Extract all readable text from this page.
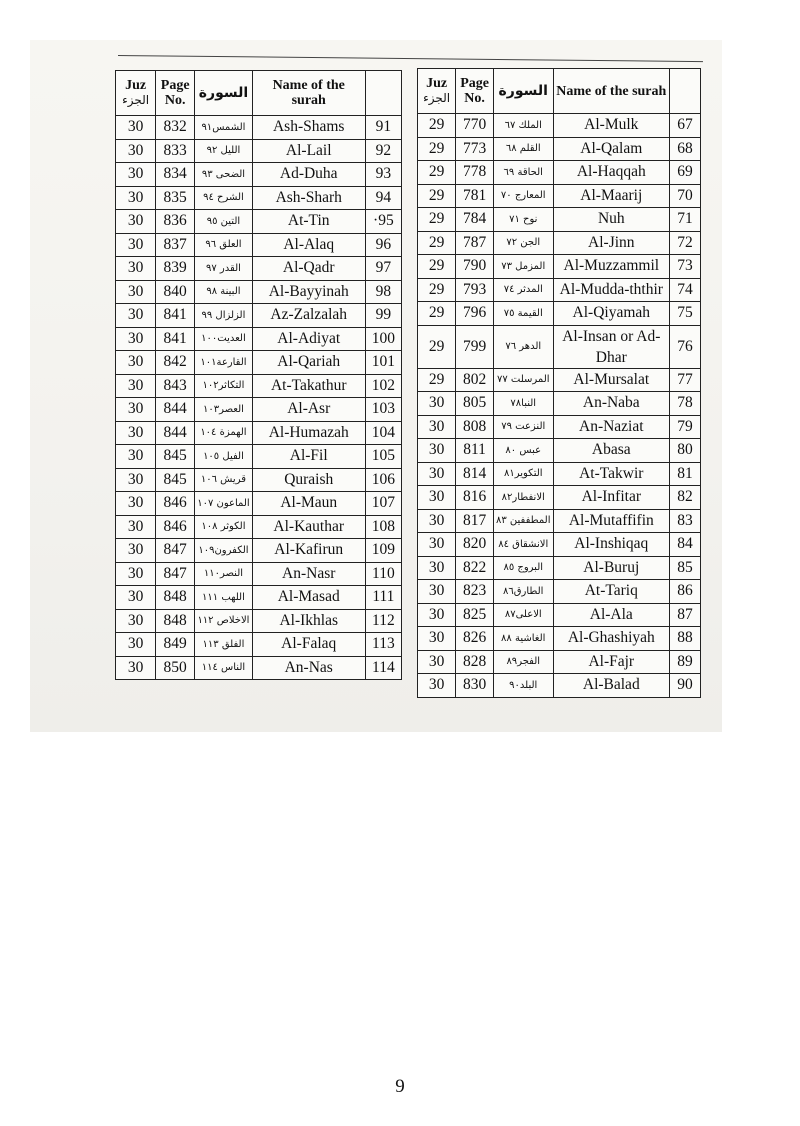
Juz
الجزء	Page No.	السورة	Name of the surah	
30	832	الشمس٩١	Ash-Shams	91
30	833	الليل ٩٢	Al-Lail	92
30	834	الضحى ٩٣	Ad-Duha	93
30	835	الشرح ٩٤	Ash-Sharh	94
30	836	التين ٩٥	At-Tin	·95
30	837	العلق ٩٦	Al-Alaq	96
30	839	القدر ٩٧	Al-Qadr	97
30	840	البينة ٩٨	Al-Bayyinah	98
30	841	الزلزال ٩٩	Az-Zalzalah	99
30	841	العديت١٠٠	Al-Adiyat	100
30	842	القارعة١٠١	Al-Qariah	101
30	843	التكاثر١٠٢	At-Takathur	102
30	844	العصر١٠٣	Al-Asr	103
30	844	الهمزة ١٠٤	Al-Humazah	104
30	845	الفيل ١٠٥	Al-Fil	105
30	845	قريش ١٠٦	Quraish	106
30	846	الماعون ١٠٧	Al-Maun	107
30	846	الكوثر ١٠٨	Al-Kauthar	108
30	847	الكفرون١٠٩	Al-Kafirun	109
30	847	النصر١١٠	An-Nasr	110
30	848	اللهب ١١١	Al-Masad	111
30	848	الاخلاص ١١٢	Al-Ikhlas	112
30	849	الفلق ١١٣	Al-Falaq	113
30	850	الناس ١١٤	An-Nas	114
Juz
الجزء	Page No.	السورة	Name of the surah	
29	770	الملك ٦٧	Al-Mulk	67
29	773	القلم ٦٨	Al-Qalam	68
29	778	الحاقة ٦٩	Al-Haqqah	69
29	781	المعارج ٧٠	Al-Maarij	70
29	784	نوح ٧١	Nuh	71
29	787	الجن ٧٢	Al-Jinn	72
29	790	المزمل ٧٣	Al-Muzzammil	73
29	793	المدثر ٧٤	Al-Mudda-ththir	74
29	796	القيمة ٧٥	Al-Qiyamah	75
29	799	الدهر ٧٦	Al-Insan or Ad-Dhar	76
29	802	المرسلت ٧٧	Al-Mursalat	77
30	805	النبا٧٨	An-Naba	78
30	808	النزعت ٧٩	An-Naziat	79
30	811	عبس ٨٠	Abasa	80
30	814	التكوير٨١	At-Takwir	81
30	816	الانفطار٨٢	Al-Infitar	82
30	817	المطففين ٨٣	Al-Mutaffifin	83
30	820	الانشقاق ٨٤	Al-Inshiqaq	84
30	822	البروج ٨٥	Al-Buruj	85
30	823	الطارق٨٦	At-Tariq	86
30	825	الاعلى٨٧	Al-Ala	87
30	826	الغاشية ٨٨	Al-Ghashiyah	88
30	828	الفجر٨٩	Al-Fajr	89
30	830	البلد٩٠	Al-Balad	90
9
